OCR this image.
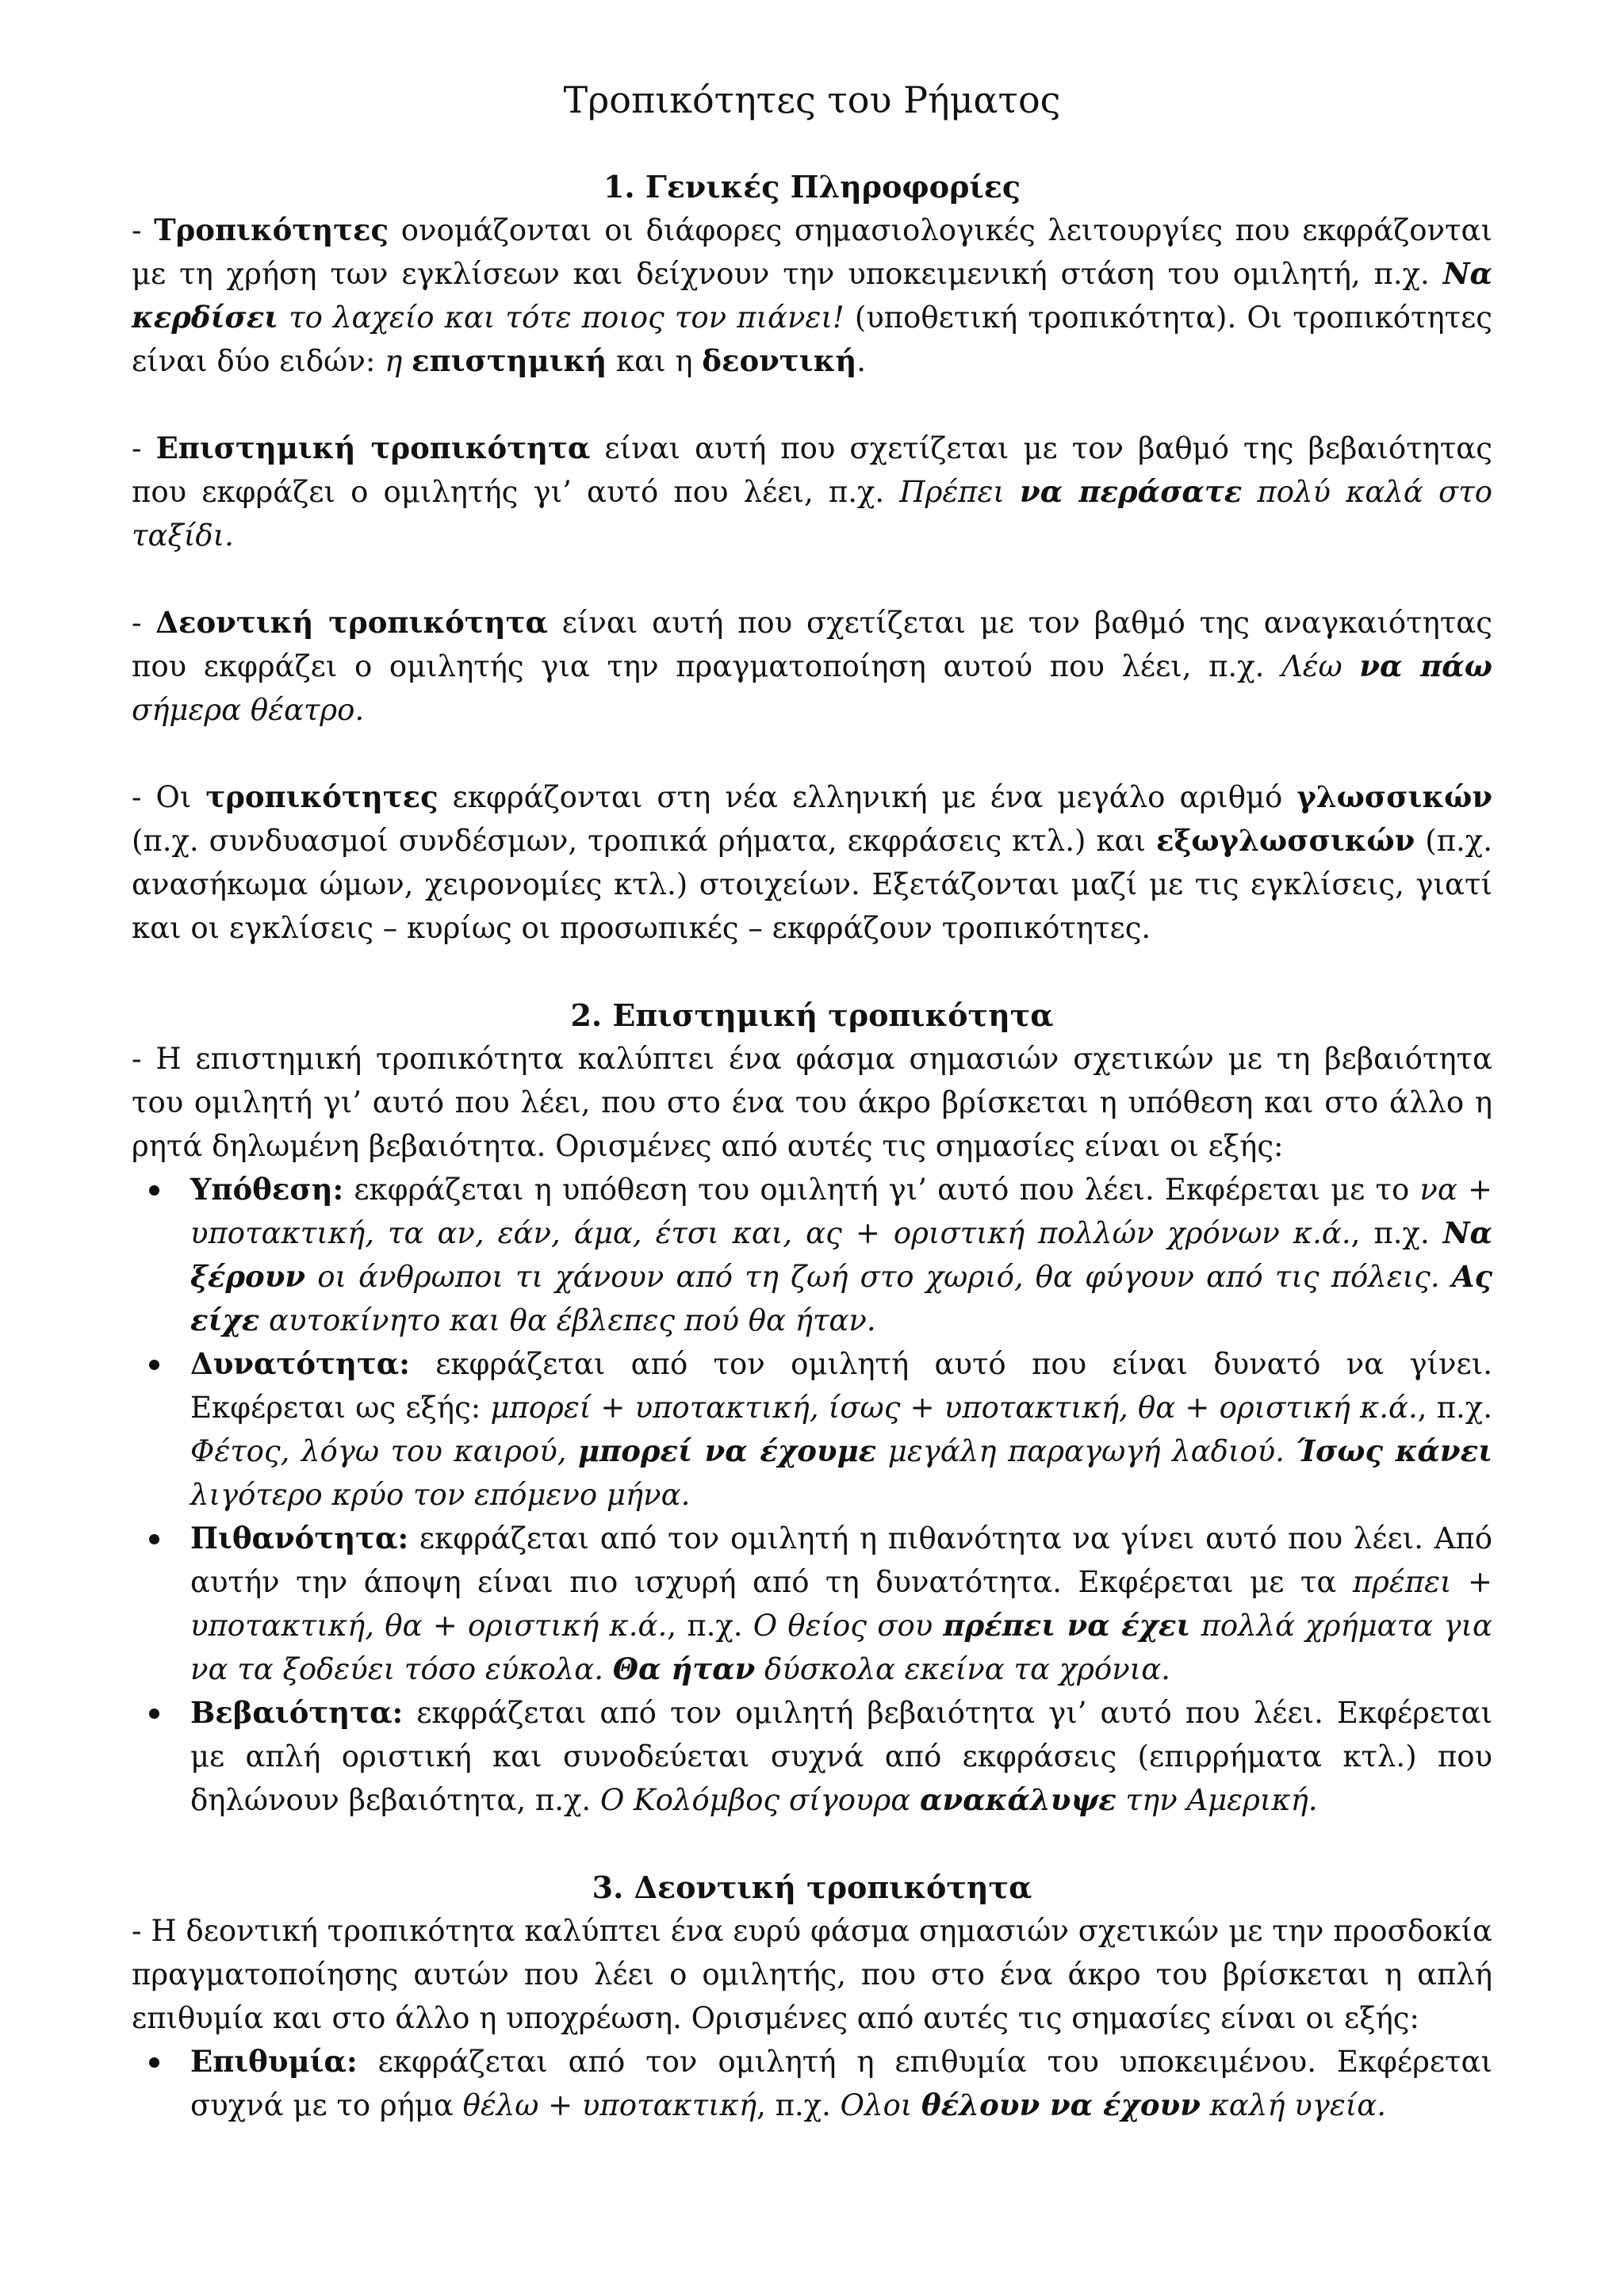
Τροπικότητες του Ρήματος
1. Γενικές Πληροφορίες

- Τροπικότητες ονομάζονται οι διάφορες σημασιολογικές λειτουργίες που εκφράζονται με τη χρήση των εγκλίσεων και δείχνουν την υποκειμενική στάση του ομιλητή, π.χ. Να κερδίσει το λαχείο και τότε ποιος τον πιάνει! (υποθετική τροπικότητα). Οι τροπικότητες είναι δύο ειδών: η επιστημική και η δεοντική.

- Επιστημική τροπικότητα είναι αυτή που σχετίζεται με τον βαθμό της βεβαιότητας που εκφράζει ο ομιλητής γι’ αυτό που λέει, π.χ. Πρέπει να περάσατε πολύ καλά στο ταξίδι.

- Δεοντική τροπικότητα είναι αυτή που σχετίζεται με τον βαθμό της αναγκαιότητας που εκφράζει ο ομιλητής για την πραγματοποίηση αυτού που λέει, π.χ. Λέω να πάω σήμερα θέατρο.

- Οι τροπικότητες εκφράζονται στη νέα ελληνική με ένα μεγάλο αριθμό γλωσσικών (π.χ. συνδυασμοί συνδέσμων, τροπικά ρήματα, εκφράσεις κτλ.) και εξωγλωσσικών (π.χ. ανασήκωμα ώμων, χειρονομίες κτλ.) στοιχείων. Εξετάζονται μαζί με τις εγκλίσεις, γιατί και οι εγκλίσεις – κυρίως οι προσωπικές – εκφράζουν τροπικότητες.

2. Επιστημική τροπικότητα

- Η επιστημική τροπικότητα καλύπτει ένα φάσμα σημασιών σχετικών με τη βεβαιότητα του ομιλητή γι’ αυτό που λέει, που στο ένα του άκρο βρίσκεται η υπόθεση και στο άλλο η ρητά δηλωμένη βεβαιότητα. Ορισμένες από αυτές τις σημασίες είναι οι εξής:

Υπόθεση: εκφράζεται η υπόθεση του ομιλητή γι’ αυτό που λέει. Εκφέρεται με το να + υποτακτική, τα αν, εάν, άμα, έτσι και, ας + οριστική πολλών χρόνων κ.ά., π.χ. Να ξέρουν οι άνθρωποι τι χάνουν από τη ζωή στο χωριό, θα φύγουν από τις πόλεις. Ας είχε αυτοκίνητο και θα έβλεπες πού θα ήταν.
Δυνατότητα: εκφράζεται από τον ομιλητή αυτό που είναι δυνατό να γίνει. Εκφέρεται ως εξής: μπορεί + υποτακτική, ίσως + υποτακτική, θα + οριστική κ.ά., π.χ. Φέτος, λόγω του καιρού, μπορεί να έχουμε μεγάλη παραγωγή λαδιού. Ίσως κάνει λιγότερο κρύο τον επόμενο μήνα.
Πιθανότητα: εκφράζεται από τον ομιλητή η πιθανότητα να γίνει αυτό που λέει. Από αυτήν την άποψη είναι πιο ισχυρή από τη δυνατότητα. Εκφέρεται με τα πρέπει + υποτακτική, θα + οριστική κ.ά., π.χ. Ο θείος σου πρέπει να έχει πολλά χρήματα για να τα ξοδεύει τόσο εύκολα. Θα ήταν δύσκολα εκείνα τα χρόνια.
Βεβαιότητα: εκφράζεται από τον ομιλητή βεβαιότητα γι’ αυτό που λέει. Εκφέρεται με απλή οριστική και συνοδεύεται συχνά από εκφράσεις (επιρρήματα κτλ.) που δηλώνουν βεβαιότητα, π.χ. Ο Κολόμβος σίγουρα ανακάλυψε την Αμερική.
3. Δεοντική τροπικότητα

- Η δεοντική τροπικότητα καλύπτει ένα ευρύ φάσμα σημασιών σχετικών με την προσδοκία πραγματοποίησης αυτών που λέει ο ομιλητής, που στο ένα άκρο του βρίσκεται η απλή επιθυμία και στο άλλο η υποχρέωση. Ορισμένες από αυτές τις σημασίες είναι οι εξής:

Επιθυμία: εκφράζεται από τον ομιλητή η επιθυμία του υποκειμένου. Εκφέρεται συχνά με το ρήμα θέλω + υποτακτική, π.χ. Ολοι θέλουν να έχουν καλή υγεία.
